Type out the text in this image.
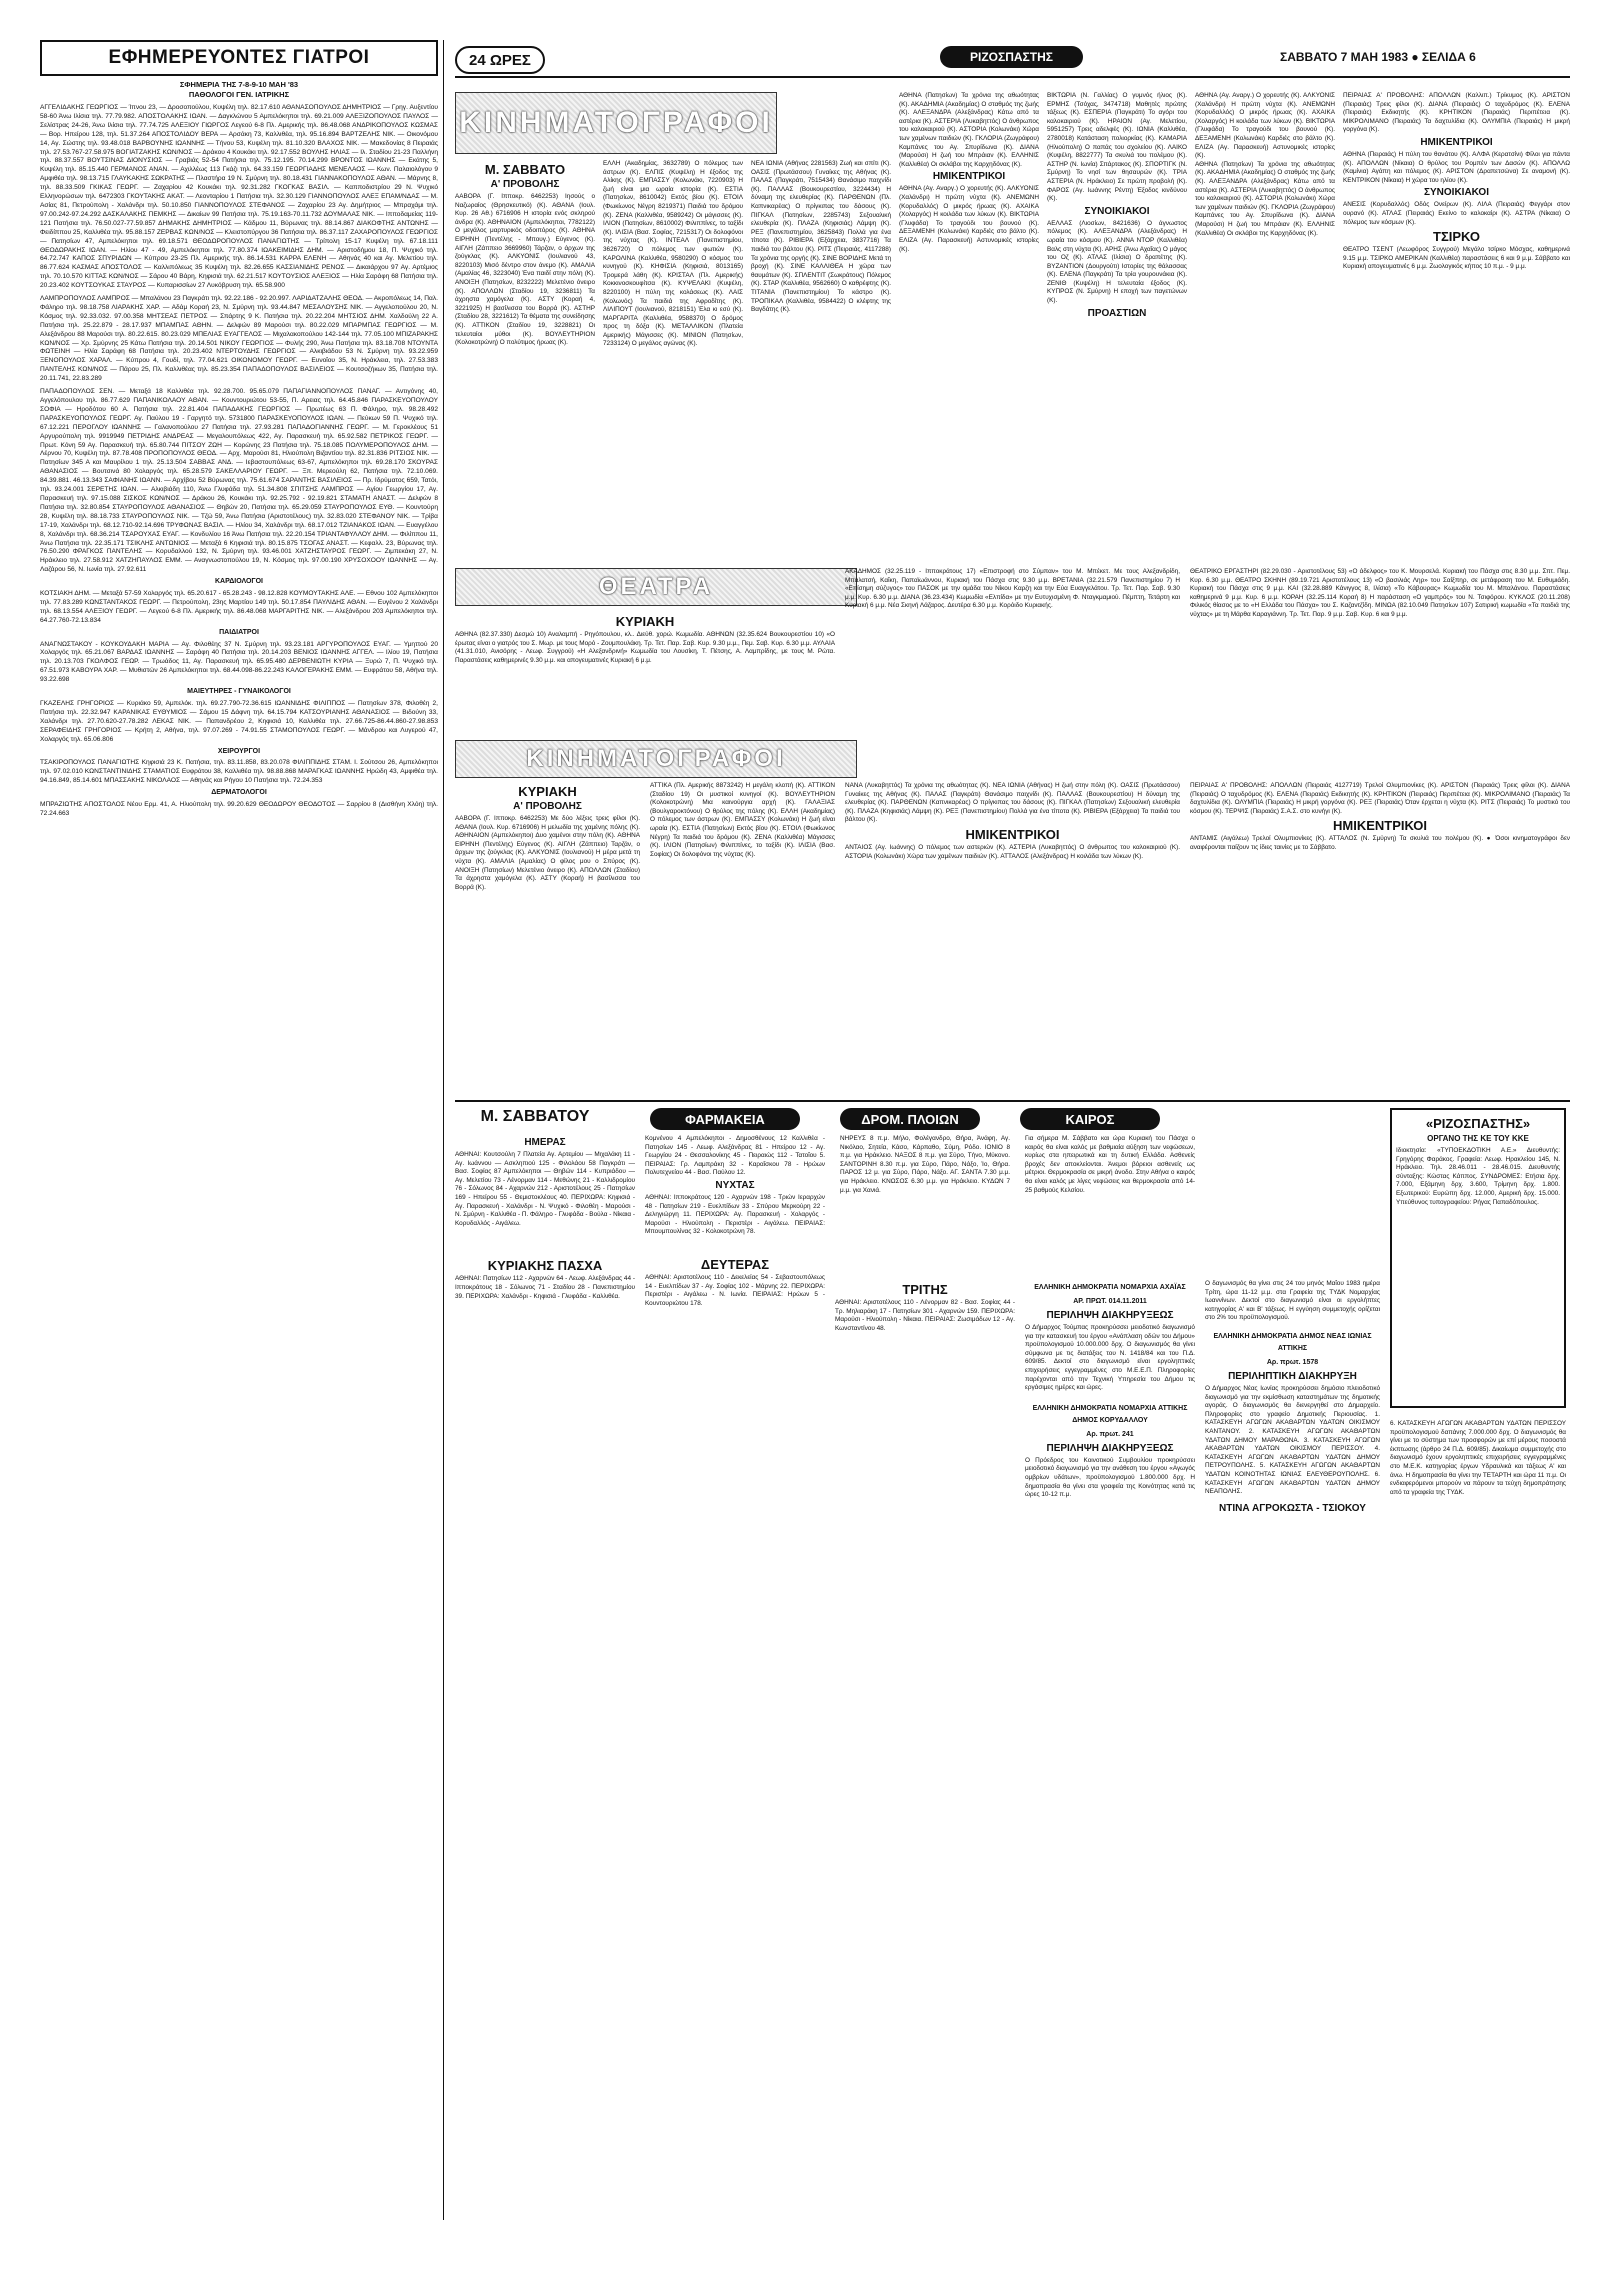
24 ΩΡΕΣ	ΡΙΖΟΣΠΑΣΤΗΣ	ΣΑΒΒΑΤΟ 7 ΜΑΗ 1983 ● ΣΕΛΙΔΑ 6
ΕΦΗΜΕΡΕΥΟΝΤΕΣ ΓΙΑΤΡΟΙ
ΣΦΗΜΕΡΙΑ ΤΗΣ 7-8-9-10 ΜΑΗ '83
ΠΑΘΟΛΟΓΟΙ ΓΕΝ. ΙΑΤΡΙΚΗΣ
ΑΓΓΕΛΙΔΑΚΗΣ ΓΕΩΡΓΙΟΣ — Ίπνου 23, — Δροσοπούλου, Κυψέλη τηλ. 82.17.610 ΑΘΑΝΑΣΟΠΟΥΛΟΣ ΔΗΜΗΤΡΙΟΣ — Γρηγ. Αυξεντίου 58-60 Άνω Ιλίσια τηλ. 77.79.982. ΑΠΟΣΤΟΛΑΚΗΣ ΙΩΑΝ. — Δαγκλώνου 5 Αμπελόκηποι τηλ. 69.21.009 ΑΛΕΞΙΖΟΠΟΥΛΟΣ ΠΑΥΛΟΣ — Σελίστρας 24-26, Άνω Ιλίσια τηλ. 77.74.725 ΑΛΕΞΙΟΥ ΓΙΩΡΓΟΣ Λεγεού 6-8 Πλ. Αμερικής τηλ. 86.48.068 ΑΝΔΡΙΚΟΠΟΥΛΟΣ ΚΩΣΜΑΣ — Βορ. Ηπείρου 128, τηλ. 51.37.264 ΑΠΟΣΤΟΛΙΔΟΥ ΒΕΡΑ — Αρσάκη 73, Καλλιθέα, τηλ. 95.16.894 ΒΑΡΤΖΕΛΗΣ ΝΙΚ. — Οικονόμου 14, Αγ. Σώστης τηλ. 93.48.018 ΒΑΡΒΟΥΝΗΣ ΙΩΑΝΝΗΣ — Τήνου 53, Κυψέλη τηλ. 81.10.320 ΒΛΑΧΟΣ ΝΙΚ. — Μακεδονίας 8 Πειραιάς τηλ. 27.53.767-27.58.975 ΒΟΓΙΑΤΖΑΚΗΣ ΚΩΝ/ΝΟΣ — Δράκου 4 Κουκάκι τηλ. 92.17.552 ΒΟΥΛΗΣ ΗΛΙΑΣ — Ιλ. Σταδίου 21-23 Παλλήνη τηλ. 88.37.557 ΒΟΥΤΣΙΝΑΣ ΔΙΟΝΥΣΙΟΣ — Γραβιάς 52-54 Πατήσια τηλ. 75.12.195. 70.14.299 ΒΡΟΝΤΟΣ ΙΩΑΝΝΗΣ — Εκάτης 5, Κυψέλη τηλ. 85.15.440 ΓΕΡΜΑΝΟΣ ΑΝΑΝ. — Αχιλλέως 113 Γκάζι τηλ. 64.33.159 ΓΕΩΡΓΙΑΔΗΣ ΜΕΝΕΛΑΟΣ — Κων. Παλαιολόγου 9 Αμφιθέα τηλ. 98.13.715 ΓΛΑΥΚΑΚΗΣ ΣΩΚΡΑΤΗΣ — Πλαστήρα 19 Ν. Σμύρνη τηλ. 80.18.431 ΓΙΑΝΝΑΚΟΠΟΥΛΟΣ ΑΘΑΝ. — Μάρνης 8, τηλ. 88.33.509 ΓΚΙΚΑΣ ΓΕΩΡΓ. — Ζαχαρίου 42 Κουκάκι τηλ. 92.31.282 ΓΚΟΓΚΑΣ ΒΑΣΙΛ. — Καπποδιστρίου 29 Ν. Ψυχικό Ελληνορώσων τηλ. 6472303 ΓΚΟΥΤΑΚΗΣ ΑΚΑΤ. — Λεονταρίου 1 Πατήσια τηλ. 32.30.129 ΓΙΑΝΝΟΠΟΥΛΟΣ ΑΛΕΞ ΕΠΑΜ/ΝΔΑΣ — Μ. Ασίας 81, Πετρούπολη - Χαλάνδρι τηλ. 50.10.850 ΓΙΑΝΝΟΠΟΥΛΟΣ ΣΤΕΦΑΝΟΣ — Ζαχαρίου 23 Αγ. Δημήτριος — Μπραχάμι τηλ. 97.00.242-97.24.292 ΔΑΣΚΑΛΑΚΗΣ ΠΕΜΚΗΣ — Δικαίων 99 Πατήσια τηλ. 75.19.163-70.11.732 ΔΟΥΜΑΛΑΣ ΝΙΚ. — Ιπποδαμείας 119-121 Πατήσια τηλ. 76.50.027-77.59.857 ΔΗΜΑΚΗΣ ΔΗΜΗΤΡΙΟΣ — Κάδμου 11, Βύρωνας τηλ. 88.14.867 ΔΙΑΚΟΦΤΗΣ ΑΝΤΩΝΗΣ — Φειδίππου 25, Καλλιθέα τηλ. 95.88.157 ΖΕΡΒΑΣ ΚΩΝ/ΝΟΣ — Κλειστοπύργου 36 Πατήσια τηλ. 86.37.117 ΖΑΧΑΡΟΠΟΥΛΟΣ ΓΕΩΡΓΙΟΣ — Πατησίων 47, Αμπελόκηποι τηλ. 69.18.571 ΘΕΟΔΩΡΟΠΟΥΛΟΣ ΠΑΝΑΓΙΩΤΗΣ — Τρίπολη 15-17 Κυψέλη τηλ. 67.18.111 ΘΕΟΔΩΡΑΚΗΣ ΙΩΑΝ. — Ηλίου 47 - 49, Αμπελόκηποι τηλ. 77.80.374 ΙΩΑΚΕΙΜΙΔΗΣ ΔΗΜ. — Αριστοδήμου 18, Π. Ψυχικό τηλ. 64.72.747 ΚΑΠΟΣ ΣΠΥΡΙΔΩΝ — Κύπρου 23-25 Πλ. Αμερικής τηλ. 86.14.531 ΚΑΡΡΑ ΕΛΕΝΗ — Αθηνάς 40 και Αγ. Μελετίου τηλ. 86.77.624 ΚΑΣΜΑΣ ΑΠΟΣΤΟΛΟΣ — Καλλιπόλεως 35 Κυψέλη τηλ. 82.26.655 ΚΑΣΣΙΑΝΙΔΗΣ ΡΕΝΟΣ — Δικαιάρχου 97 Αγ. Αρτέμιος τηλ. 70.10.570 ΚΙΤΤΑΣ ΚΩΝ/ΝΟΣ — Σάρου 40 Βάρη, Κηφισιά τηλ. 62.21.517 ΚΟΥΤΟΥΣΙΟΣ ΑΛΕΞΙΟΣ — Ηλία Σαράφη 68 Πατήσια τηλ. 20.23.402 ΚΟΥΤΣΟΥΚΑΣ ΣΤΑΥΡΟΣ — Κυπαρισσίων 27 Λυκόβρυση τηλ. 65.58.900
ΛΑΜΠΡΟΠΟΥΛΟΣ ΛΑΜΠΡΟΣ — Μπαλάνου 23 Παγκράτι τηλ. 92.22.186 - 92.20.997. ΛΑΡΙΔΑΤΖΑΛΗΣ ΘΕΟΔ. — Ακροπόλεως 14, Παλ. Φάληρο τηλ. 98.18.758 ΛΙΑΡΑΚΗΣ ΧΑΡ. — Αδάμ Κοραή 23, Ν. Σμύρνη τηλ. 93.44.847 ΜΕΣΑΛΟΥΣΗΣ ΝΙΚ. — Αγγελοπούλου 20, Ν. Κόσμος τηλ. 92.33.032. 97.00.358 ΜΗΤΣΕΑΣ ΠΕΤΡΟΣ — Σπάρτης 9 Κ. Πατήσια τηλ. 20.22.204 ΜΗΤΣΙΟΣ ΔΗΜ. Χαλδούλη 22 Α. Πατήσια τηλ. 25.22.879 - 28.17.937 ΜΠΑΜΠΑΣ ΑΘΗΝ. — Δελφών 89 Μαρούσι τηλ. 80.22.029 ΜΠΑΡΜΠΑΣ ΓΕΩΡΓΙΟΣ — Μ. Αλεξάνδρου 88 Μαρούσι τηλ. 80.22.615. 80.23.029 ΜΠΕΛΙΑΣ ΕΥΑΓΓΕΛΟΣ — Μιχαλακοπούλου 142-144 τηλ. 77.05.100 ΜΠΙΖΑΡΑΚΗΣ ΚΩΝ/ΝΟΣ — Χρ. Σμύρνης 25 Κάτω Πατήσια τηλ. 20.14.501 ΝΙΚΟΥ ΓΕΩΡΓΙΟΣ — Φυλής 290, Άνω Πατήσια τηλ. 83.18.708 ΝΤΟΥΝΤΑ ΦΩΤΕΙΝΗ — Ηλία Σαράφη 68 Πατήσια τηλ. 20.23.402 ΝΤΕΡΤΟΥΔΗΣ ΓΕΩΡΓΙΟΣ — Αλκιβιάδου 53 Ν. Σμύρνη τηλ. 93.22.959 ΞΕΝΟΠΟΥΛΟΣ ΧΑΡΑΛ. — Κύπρου 4, Γουδί, τηλ. 77.04.621 ΟΙΚΟΝΟΜΟΥ ΓΕΩΡΓ. — Ευνοΐου 35, Ν. Ηράκλεια, τηλ. 27.53.383 ΠΑΝΤΕΛΗΣ ΚΩΝ/ΝΟΣ — Πάρου 25, Πλ. Καλλιθέας τηλ. 85.23.354 ΠΑΠΑΔΟΠΟΥΛΟΣ ΒΑΣΙΛΕΙΟΣ — Κουτσοζήκων 35, Πατήσια τηλ. 20.11.741, 22.83.289
ΠΑΠΑΔΟΠΟΥΛΟΣ ΣΕΝ. — Μεταξά 18 Καλλιθέα τηλ. 92.28.700. 95.65.079 ΠΑΠΑΓΙΑΝΝΟΠΟΥΛΟΣ ΠΑΝΑΓ. — Αντιγόνης 40, Αγγελόπουλου τηλ. 86.77.629 ΠΑΠΑΝΙΚΟΛΑΟΥ ΑΘΑΝ. — Κουντουριώτου 53-55, Π. Αρειας τηλ. 64.45.846 ΠΑΡΑΣΚΕΥΟΠΟΥΛΟΥ ΣΟΦΙΑ — Ηροδότου 60 Α. Πατήσια τηλ. 22.81.404 ΠΑΠΑΔΑΚΗΣ ΓΕΩΡΓΙΟΣ — Πρωτέως 63 Π. Φάληρο, τηλ. 98.28.492 ΠΑΡΑΣΚΕΥΟΠΟΥΛΟΣ ΓΕΩΡΓ. Αγ. Παύλου 19 - Γαργητό τηλ. 5731800 ΠΑΡΑΣΚΕΥΟΠΟΥΛΟΣ ΙΩΑΝ. — Πεύκων 59 Π. Ψυχικό τηλ. 67.12.221 ΠΕΡΟΓΛΟΥ ΙΩΑΝΝΗΣ — Γαλανοπούλου 27 Πατήσια τηλ. 27.93.281 ΠΑΠΑΔΟΓΙΑΝΝΗΣ ΓΕΩΡΓ. — Μ. Γεροκλέους 51 Αργυρούπολη τηλ. 9919949 ΠΕΤΡΙΔΗΣ ΑΝΔΡΕΑΣ — Μεγαλουπόλεως 422, Αγ. Παρασκευή τηλ. 65.92.582 ΠΕΤΡΙΚΟΣ ΓΕΩΡΓ. — Πρωτ. Κόνη 59 Αγ. Παρασκευή τηλ. 65.80.744 ΠΙΤΣΟΥ ΖΩΗ — Κορώνης 23 Πατήσια τηλ. 75.18.085 ΠΟΛΥΜΕΡΟΠΟΥΛΟΣ ΔΗΜ. — Λέρνου 70, Κυψέλη τηλ. 87.78.408 ΠΡΟΠΟΠΟΥΛΟΣ ΘΕΟΔ. — Αρχ. Μαρούσι 81, Ηλιούπολη Βιζαντίου τηλ. 82.31.836 ΡΙΤΣΙΟΣ ΝΙΚ. — Πατησίων 345 Α και Μαυρίλου 1 τηλ. 25.13.504 ΣΑΒΒΑΣ ΑΝΔ. — Ιεβαστουπόλεως 63-67, Αμπελόκηποι τηλ. 69.28.170 ΣΚΟΥΡΑΣ ΑΘΑΝΑΣΙΟΣ — Βουτσινά 80 Χολαργός τηλ. 65.28.579 ΣΑΚΕΛΛΑΡΙΟΥ ΓΕΩΡΓ. — Ξπ. Μερεούλη 62, Πατήσια τηλ. 72.10.069. 84.39.881. 46.13.343 ΣΑΦΙΑΝΗΣ ΙΩΑΝΝ. — Αρχίβου 52 Βύρωνας τηλ. 75.61.674 ΣΑΡΑΝΤΗΣ ΒΑΣΙΛΕΙΟΣ — Πρ. Ιδρύματος 659, Τατόι, τηλ. 93.24.001 ΣΕΡΕΤΗΣ ΙΩΑΝ. — Αλκιβιάδη 110, Άνω Γλυφάδα τηλ. 51.34.808 ΣΠΙΤΣΗΣ ΛΑΜΠΡΟΣ — Αγίου Γεωργίου 17, Αγ. Παρασκευή τηλ. 97.15.088 ΣΙΣΚΟΣ ΚΩΝ/ΝΟΣ — Δράκου 26, Κουκάκι τηλ. 92.25.792 - 92.19.821 ΣΤΑΜΑΤΗ ΑΝΑΣΤ. — Δελφών 8 Πατήσια τηλ. 32.80.854 ΣΤΑΥΡΟΠΟΥΛΟΣ ΑΘΑΝΑΣΙΟΣ — Θηβών 20, Πατήσια τηλ. 65.29.059 ΣΤΑΥΡΟΠΟΥΛΟΣ ΕΥΘ. — Κουντούρη 28, Κυψέλη τηλ. 88.18.733 ΣΤΑΥΡΟΠΟΥΛΟΣ ΝΙΚ. — Τζώ 59, Άνω Πατήσια (Αριστοτέλους) τηλ. 32.83.020 ΣΤΕΦΑΝΟΥ ΝΙΚ. — Τρίβα 17-19, Χαλάνδρι τηλ. 68.12.710-92.14.696 ΤΡΥΦΩΝΑΣ ΒΑΣΙΛ. — Ηλίου 34, Χαλάνδρι τηλ. 68.17.012 ΤΖΙΑΝΑΚΟΣ ΙΩΑΝ. — Ευαγγέλου 8, Χαλάνδρι τηλ. 68.36.214 ΤΣΑΡΟΥΧΑΣ ΕΥΑΓ. — Κονδυλίου 16 Άνω Πατήσια τηλ. 22.20.154 ΤΡΙΑΝΤΑΦΥΛΛΟΥ ΔΗΜ. — Φιλίππου 11, Άνω Πατήσια τηλ. 22.35.171 ΤΣΙΚΛΗΣ ΑΝΤΩΝΙΟΣ — Μεταξά 6 Κηφισιά τηλ. 80.15.875 ΤΣΟΓΑΣ ΑΝΑΣΤ. — Κεφαλλ. 23, Βύρωνας τηλ. 76.50.290 ΦΡΑΓΚΟΣ ΠΑΝΤΕΛΗΣ — Κορυδαλλού 132, Ν. Σμύρνη τηλ. 93.46.001 ΧΑΤΖΗΣΤΑΥΡΟΣ ΓΕΩΡΓ. — Ζιμπεκάκη 27, Ν. Ηράκλειο τηλ. 27.58.912 ΧΑΤΖΗΠΑΥΛΟΣ ΕΜΜ. — Αναγνωστοπούλου 19, Ν. Κόσμος τηλ. 97.00.190 ΧΡΥΣΟΧΟΟΥ ΙΩΑΝΝΗΣ — Αγ. Λαζάρου 56, Ν. Ιωνία τηλ. 27.92.611
ΚΑΡΔΙΟΛΟΓΟΙ
ΚΟΤΣΙΑΚΗ ΔΗΜ. — Μεταξά 57-59 Χολαργός τηλ. 65.20.617 - 65.28.243 - 98.12.828 ΚΟΥΜΟΥΤΑΚΗΣ ΑΛΕ. — Εθνου 102 Αμπελόκηποι τηλ. 77.83.289 ΚΩΝΣΤΑΝΤΑΚΟΣ ΓΕΩΡΓ. — Πετρούπολη, 23ης Μαρτίου 149 τηλ. 50.17.854 ΠΑΥΛΙΔΗΣ ΑΘΑΝ. — Ευγένου 2 Χαλάνδρι τηλ. 68.13.554 ΑΛΕΞΙΟΥ ΓΕΩΡΓ. — Λεγεού 6-8 Πλ. Αμερικής τηλ. 86.48.068 ΜΑΡΓΑΡΙΤΗΣ ΝΙΚ. — Αλεξάνδρου 203 Αμπελόκηποι τηλ. 64.27.760-72.13.834
ΠΑΙΔΙΑΤΡΟΙ
ΑΝΑΓΝΩΣΤΑΚΟΥ - ΚΟΥΚΟΥΔΑΚΗ ΜΑΡΙΑ — Αγ. Φιλοθέης 37 Ν. Σμύρνη τηλ. 93.23.181 ΑΡΓΥΡΟΠΟΥΛΟΣ ΕΥΑΓ. — Υμηττού 20 Χολαργός τηλ. 65.21.067 ΒΑΡΔΑΣ ΙΩΑΝΝΗΣ — Σαράφη 40 Πατήσια τηλ. 20.14.203 ΒΕΝΙΟΣ ΙΩΑΝΝΗΣ ΑΓΓΕΛ. — Ιλίου 19, Πατήσια τηλ. 20.13.703 ΓΚΟΛΦΟΣ ΓΕΩΡ. — Τρωάδος 11, Αγ. Παρασκευή τηλ. 65.95.480 ΔΕΡΒΕΝΙΩΤΗ ΚΥΡΙΑ — Ξυρώ 7, Π. Ψυχικό τηλ. 67.51.973 ΚΑΒΟΥΡΑ ΧΑΡ. — Μυθιστών 26 Αμπελόκηποι τηλ. 68.44.098-86.22.243 ΚΑΛΟΓΕΡΑΚΗΣ ΕΜΜ. — Ευφράτου 58, Αθήνα τηλ. 93.22.698
ΜΑΙΕΥΤΗΡΕΣ - ΓΥΝΑΙΚΟΛΟΓΟΙ
ΓΚΑΖΕΛΗΣ ΓΡΗΓΟΡΙΟΣ — Κυριάκο 59, Αμπελόκ. τηλ. 69.27.790-72.36.615 ΙΩΑΝΝΙΔΗΣ ΦΙΛΙΠΠΟΣ — Πατησίων 378, Φιλοθέη 2, Πατήσια τηλ. 22.32.947 ΚΑΡΑΝΙΚΑΣ ΕΥΘΥΜΙΟΣ — Σάμου 15 Δάφνη τηλ. 64.15.794 ΚΑΤΣΟΥΡΙΑΝΗΣ ΑΘΑΝΑΣΙΟΣ — Βιδούνη 33, Χαλάνδρι τηλ. 27.70.620-27.78.282 ΛΕΚΑΣ ΝΙΚ. — Παπανδρέου 2, Κηφισιά 10, Καλλιθέα τηλ. 27.66.725-86.44.860-27.98.853 ΣΕΡΑΦΕΙΔΗΣ ΓΡΗΓΟΡΙΟΣ — Κρήτη 2, Αθήνα, τηλ. 97.07.269 - 74.91.55 ΣΤΑΜΟΠΟΥΛΟΣ ΓΕΩΡΓ. — Μάνδρου και Λυγερού 47, Χολαργός τηλ. 65.06.806
ΧΕΙΡΟΥΡΓΟΙ
ΤΣΑΚΙΡΟΠΟΥΛΟΣ ΠΑΝΑΓΙΩΤΗΣ Κηφισιά 23 Κ. Πατήσια, τηλ. 83.11.858, 83.20.078 ΦΙΛΙΠΠΙΔΗΣ ΣΤΑΜ. Ι. Σούτσου 26, Αμπελόκηποι τηλ. 97.02.010 ΚΩΝΣΤΑΝΤΙΝΙΔΗΣ ΣΤΑΜΑΤΙΟΣ Ευφράτου 38, Καλλιθέα τηλ. 98.88.868 ΜΑΡΑΓΚΑΣ ΙΩΑΝΝΗΣ Ηρώδη 43, Αμφιθέα τηλ. 94.16.849, 85.14.601 ΜΠΑΣΣΑΚΗΣ ΝΙΚΟΛΑΟΣ — Αθηνάς και Ρήγου 10 Πατήσια τηλ. 72.24.353
ΔΕΡΜΑΤΟΛΟΓΟΙ
ΜΠΡΑΖΙΩΤΗΣ ΑΠΟΣΤΟΛΟΣ Νέου Ερμ. 41, Α. Ηλιούπολη τηλ. 99.20.629 ΘΕΟΔΩΡΟΥ ΘΕΟΔΟΤΟΣ — Σαρρίου 8 (Δισθήνη Χλόη) τηλ. 72.24.663
ΚΙΝΗΜΑΤΟΓΡΑΦΟΙ
Μ. ΣΑΒΒΑΤΟ
Α' ΠΡΟΒΟΛΗΣ
ΑΑΒΟΡΑ (Γ. Ιπποκρ. 6462253) Ιησούς ο Ναζωραίος (Θρησκευτικό) (Κ). ΑΘΑΝΑ (Ιουλ. Κυρ. 26 Αθ.) 6716906 Η ιστορία ενός σκληρού άνδρα (Κ). ΑΘΗΝΑΙΟΝ (Αμπελόκηποι, 7782122) Ο μεγάλος μαρτυρικός οδοιπόρος (Κ). ΑΘΗΝΑ ΕΙΡΗΝΗ (Πεντέλης - Μπουγ.) Εύγενος (Κ). ΑΙΓΛΗ (Ζάππειο 3669960) Τάρζαν, ο άρχων της ζούγκλας (Κ). ΑΛΚΥΟΝΙΣ (Ιουλιανού 43, 8220103) Μισό δέντρο στον άνεμο (Κ). ΑΜΑΛΙΑ (Αμαλίας 46, 3223040) Ένα παιδί στην πόλη (Κ). ΑΝΟΙΞΗ (Πατησίων, 8232222) Μελετένιο όνειρο (Κ). ΑΠΟΛΛΩΝ (Σταδίου 19, 3236811) Τα άχρηστα χαμόγελα (Κ). ΑΣΤΥ (Κοραή 4, 3221925) Η βασίλισσα του Βορρά (Κ). ΑΣΤΗΡ (Σταδίου 28, 3221612) Τα θέματα της συνείδησης (Κ). ΑΤΤΙΚΟΝ (Σταδίου 19, 3228821) Οι τελευταίοι μύθοι (Κ). ΒΟΥΛΕΥΤΗΡΙΟΝ (Κολοκοτρώνη) Ο πολύτιμος ήρωας (Κ).
ΕΛΛΗ (Ακαδημίας, 3632789) Ο πόλεμος των άστρων (Κ). ΕΛΠΙΣ (Κυψέλη) Η έξοδος της Αλίκης (Κ). ΕΜΠΑΣΣΥ (Κολωνάκι, 7220903) Η ζωή είναι μια ωραία ιστορία (Κ). ΕΣΤΙΑ (Πατησίων, 8610042) Εκτός βίου (Κ). ΕΤΟΙΛ (Φωκίωνος Νέγρη 8219371) Παιδιά του δρόμου (Κ). ΖΕΝΑ (Καλλιθέα, 9589242) Οι μάγισσες (Κ). ΙΛΙΟΝ (Πατησίων, 8610002) Φιλιππίνες, το ταξίδι (Κ). ΙΛΙΣΙΑ (Βασ. Σοφίας, 7215317) Οι δολοφόνοι της νύχτας (Κ). ΙΝΤΕΑΛ (Πανεπιστημίου, 3626720) Ο πόλεμος των φωτιών (Κ). ΚΑΡΟΛΙΝΑ (Καλλιθέα, 9580290) Ο κόσμος του κυνηγού (Κ). ΚΗΦΙΣΙΑ (Κηφισιά, 8013165) Τρομερά λάθη (Κ). ΚΡΙΣΤΑΛ (Πλ. Αμερικής) Κοκκινοσκουφίτσα (Κ). ΚΥΨΕΛΑΚΙ (Κυψέλη, 8220100) Η πύλη της κολάσεως (Κ). ΛΑΙΣ (Κολωνός) Τα παιδιά της Αφροδίτης (Κ). ΛΙΛΙΠΟΥΤ (Ιουλιανού, 8218151) Έλα κι εσύ (Κ). ΜΑΡΓΑΡΙΤΑ (Καλλιθέα, 9588370) Ο δρόμος προς τη δόξα (Κ). ΜΕΤΑΛΛΙΚΟΝ (Πλατεία Αμερικής) Μάγισσες (Κ). ΜΙΝΙΟΝ (Πατησίων, 7233124) Ο μεγάλος αγώνας (Κ).
ΝΕΑ ΙΩΝΙΑ (Αθήνας 2281563) Ζωή και σπίτι (Κ). ΟΑΣΙΣ (Πρωτάσσου) Γυναίκες της Αθήνας (Κ). ΠΑΛΑΣ (Παγκράτι, 7515434) Θανάσιμο παιχνίδι (Κ). ΠΑΛΛΑΣ (Βουκουρεστίου, 3224434) Η δύναμη της ελευθερίας (Κ). ΠΑΡΘΕΝΩΝ (Πλ. Καπνικαρέας) Ο πρίγκιπας του δάσους (Κ). ΠΙΓΚΑΛ (Πατησίων, 2285743) Σεξουαλική ελευθερία (Κ). ΠΛΑΖΑ (Κηφισιάς) Λάμψη (Κ). ΡΕΞ (Πανεπιστημίου, 3625843) Πολλά για ένα τίποτα (Κ). ΡΙΒΙΕΡΑ (Εξάρχεια, 3837716) Τα παιδιά του βάλτου (Κ). ΡΙΤΣ (Πειραιάς, 4117288) Τα χρόνια της οργής (Κ). ΣΙΝΕ ΒΟΡΙΔΗΣ Μετά τη βροχή (Κ). ΣΙΝΕ ΚΑΛΛΙΘΕΑ Η χώρα των θαυμάτων (Κ). ΣΠΛΕΝΤΙΤ (Σωκράτους) Πόλεμος (Κ). ΣΤΑΡ (Καλλιθέα, 9562660) Ο καθρέφτης (Κ). ΤΙΤΑΝΙΑ (Πανεπιστημίου) Το κάστρο (Κ). ΤΡΟΠΙΚΑΛ (Καλλιθέα, 9584422) Ο κλέφτης της Βαγδάτης (Κ).
ΑΘΗΝΑ (Πατησίων) Τα χρόνια της αθωότητας (Κ). ΑΚΑΔΗΜΙΑ (Ακαδημίας) Ο σταθμός της ζωής (Κ). ΑΛΕΞΑΝΔΡΑ (Αλεξάνδρας) Κάτω από τα αστέρια (Κ). ΑΣΤΕΡΙΑ (Λυκαβηττός) Ο άνθρωπος του καλοκαιριού (Κ). ΑΣΤΟΡΙΑ (Κολωνάκι) Χώρα των χαμένων παιδιών (Κ). ΓΚΛΟΡΙΑ (Ζωγράφου) Καμπάνες του Αγ. Σπυρίδωνα (Κ). ΔΙΑΝΑ (Μαρούσι) Η ζωή του Μπράιαν (Κ). ΕΛΛΗΝΙΣ (Καλλιθέα) Οι σκλάβοι της Καρχηδόνας (Κ).
ΗΜΙΚΕΝΤΡΙΚΟΙ
ΑΘΗΝΑ (Αγ. Αναργ.) Ο χορευτής (Κ). ΑΛΚΥΟΝΙΣ (Χαλάνδρι) Η πρώτη νύχτα (Κ). ΑΝΕΜΩΝΗ (Κορυδαλλός) Ο μικρός ήρωας (Κ). ΑΧΑΙΚΑ (Χολαργός) Η κοιλάδα των λύκων (Κ). ΒΙΚΤΩΡΙΑ (Γλυφάδα) Το τραγούδι του βουνού (Κ). ΔΕΞΑΜΕΝΗ (Κολωνάκι) Καρδιές στο βάλτο (Κ). ΕΛΙΖΑ (Αγ. Παρασκευή) Αστυνομικές ιστορίες (Κ).
ΒΙΚΤΩΡΙΑ (Ν. Γαλλίας) Ο γυμνός ήλιος (Κ). ΕΡΜΗΣ (Τσόχας, 3474718) Μαθητές πρώτης τάξεως (Κ). ΕΣΠΕΡΙΑ (Παγκράτι) Το αγόρι του καλοκαιριού (Κ). ΗΡΑΙΟΝ (Αγ. Μελετίου, 5951257) Τρεις αδελφές (Κ). ΙΩΝΙΑ (Καλλιθέα, 2780018) Κατάσταση πολιορκίας (Κ). ΚΑΜΑΡΙΑ (Ηλιούπολη) Ο παπάς του σχολείου (Κ). ΛΑΙΚΟ (Κυψέλη, 8822777) Τα σκυλιά του πολέμου (Κ). ΑΣΤΗΡ (Ν. Ιωνία) Σπάρτακος (Κ). ΣΠΟΡΤΙΓΚ (Ν. Σμύρνη) Το νησί των θησαυρών (Κ). ΤΡΙΑ ΑΣΤΕΡΙΑ (Ν. Ηράκλειο) Σε πρώτη προβολή (Κ). ΦΑΡΟΣ (Αγ. Ιωάννης Ρέντη) Έξοδος κινδύνου (Κ).
ΣΥΝΟΙΚΙΑΚΟΙ
ΑΕΛΛΑΣ (Λιοσίων, 8421636) Ο άγνωστος πόλεμος (Κ). ΑΛΕΞΑΝΔΡΑ (Αλεξάνδρας) Η ωραία του κόσμου (Κ). ΑΝΝΑ ΝΤΟΡ (Καλλιθέα) Βαλς στη νύχτα (Κ). ΑΡΗΣ (Άνω Αχαΐας) Ο μάγος του Οζ (Κ). ΑΤΛΑΣ (Ιλίσια) Ο δραπέτης (Κ). ΒΥΖΑΝΤΙΟΝ (Δουργούτι) Ιστορίες της θάλασσας (Κ). ΕΛΕΝΑ (Παγκράτι) Τα τρία γουρουνάκια (Κ). ΖΕΝΙΘ (Κυψέλη) Η τελευταία έξοδος (Κ). ΚΥΠΡΟΣ (Ν. Σμύρνη) Η εποχή των παγετώνων (Κ).
ΠΡΟΑΣΤΙΩΝ
ΑΘΗΝΑ (Αγ. Αναργ.) Ο χορευτής (Κ). ΑΛΚΥΟΝΙΣ (Χαλάνδρι) Η πρώτη νύχτα (Κ). ΑΝΕΜΩΝΗ (Κορυδαλλός) Ο μικρός ήρωας (Κ). ΑΧΑΙΚΑ (Χολαργός) Η κοιλάδα των λύκων (Κ). ΒΙΚΤΩΡΙΑ (Γλυφάδα) Το τραγούδι του βουνού (Κ). ΔΕΞΑΜΕΝΗ (Κολωνάκι) Καρδιές στο βάλτο (Κ). ΕΛΙΖΑ (Αγ. Παρασκευή) Αστυνομικές ιστορίες (Κ).
ΑΘΗΝΑ (Πατησίων) Τα χρόνια της αθωότητας (Κ). ΑΚΑΔΗΜΙΑ (Ακαδημίας) Ο σταθμός της ζωής (Κ). ΑΛΕΞΑΝΔΡΑ (Αλεξάνδρας) Κάτω από τα αστέρια (Κ). ΑΣΤΕΡΙΑ (Λυκαβηττός) Ο άνθρωπος του καλοκαιριού (Κ). ΑΣΤΟΡΙΑ (Κολωνάκι) Χώρα των χαμένων παιδιών (Κ). ΓΚΛΟΡΙΑ (Ζωγράφου) Καμπάνες του Αγ. Σπυρίδωνα (Κ). ΔΙΑΝΑ (Μαρούσι) Η ζωή του Μπράιαν (Κ). ΕΛΛΗΝΙΣ (Καλλιθέα) Οι σκλάβοι της Καρχηδόνας (Κ).
ΠΕΙΡΑΙΑΣ Α' ΠΡΟΒΟΛΗΣ: ΑΠΟΛΛΩΝ (Καλλιπ.) Τρίκυμος (Κ). ΑΡΙΣΤΟΝ (Πειραιάς) Τρεις φίλοι (Κ). ΔΙΑΝΑ (Πειραιάς) Ο ταχυδρόμος (Κ). ΕΛΕΝΑ (Πειραιάς) Εκδικητής (Κ). ΚΡΗΤΙΚΟΝ (Πειραιάς) Περιπέτεια (Κ). ΜΙΚΡΟΛΙΜΑΝΟ (Πειραιάς) Τα δαχτυλίδια (Κ). ΟΛΥΜΠΙΑ (Πειραιάς) Η μικρή γοργόνα (Κ).
ΗΜΙΚΕΝΤΡΙΚΟΙ
ΑΘΗΝΑ (Πειραιάς) Η πύλη του θανάτου (Κ). ΑΛΦΑ (Κερατσίνι) Φίλοι για πάντα (Κ). ΑΠΟΛΛΩΝ (Νίκαια) Ο θρύλος του Ρομπέν των Δασών (Κ). ΑΠΟΛΛΩ (Καμίνια) Αγάπη και πόλεμος (Κ). ΑΡΙΣΤΟΝ (Δραπετσώνα) Σε αναμονή (Κ). ΚΕΝΤΡΙΚΟΝ (Νίκαια) Η χώρα του ηλίου (Κ).
ΣΥΝΟΙΚΙΑΚΟΙ
ΑΝΕΣΙΣ (Κορυδαλλός) Οδός Ονείρων (Κ). ΛΙΛΑ (Πειραιάς) Φεγγάρι στον ουρανό (Κ). ΑΤΛΑΣ (Πειραιάς) Εκείνο το καλοκαίρι (Κ). ΑΣΤΡΑ (Νίκαια) Ο πόλεμος των κόσμων (Κ).
ΤΣΙΡΚΟ
ΘΕΑΤΡΟ ΤΣΕΝΤ (Λεωφόρος Συγγρού) Μεγάλο τσίρκο Μόσχας, καθημερινά 9.15 μ.μ. ΤΣΙΡΚΟ ΑΜΕΡΙΚΑΝ (Καλλιθέα) παραστάσεις 6 και 9 μ.μ. Σάββατο και Κυριακή απογευματινές 6 μ.μ. Ζωολογικός κήπος 10 π.μ. - 9 μ.μ.
ΘΕΑΤΡΑ
ΚΥΡΙΑΚΗ
ΑΘΗΝΑ (82.37.330) Δεσμώ 10) Αναλαμπή - Ρηγόπουλου, κλ.. Διεύθ. χορώ. Κωμωδία. ΑΘΗΝΩΝ (32.35.624 Βουκουρεστίου 10) «Ο έρωτας είναι ο γιατρός του Σ. Μωρ. με τους Μορό - Ζουμπουλάκη. Τρ. Τετ. Παρ. Σαβ. Κυρ. 9.30 μ.μ., Πεμ. Σαβ. Κυρ. 6.30 μ.μ. ΑΥΛΑΙΑ (41.31.010, Ανισόρης - Λεωφ. Συγγρού) «Η Αλεξανδρινή» Κωμωδία του Λουσίκη, Τ. Πέτσης, Α. Λαμπρίδης, με τους Μ. Ρώτα. Παραστάσεις καθημερινές 9.30 μ.μ. και απογευματινές Κυριακή 6 μ.μ.
ΑΚΑΔΗΜΟΣ (32.25.119 - Ιπποκράτους 17) «Επιστροφή στο Σύμπαν» του Μ. Μπέκετ. Με τους Αλεξανδρίδη, Μπαλατσή, Καΐκη, Παπαϊωάννου, Κυριακή του Πάσχα στις 9.30 μ.μ. ΒΡΕΤΑΝΙΑ (32.21.579 Πανεπιστημίου 7) Η «Επίσημη σύζυγος» του ΠΑΣΟΚ με την ομάδα του Νίκου Καρζη και την Εύα Ευαγγελάτου. Τρ. Τετ. Παρ. Σαβ. 9.30 μ.μ. Κυρ. 6.30 μ.μ. ΔΙΑΝΑ (36.23.434) Κωμωδία «Ελπίδα» με την Ευτυχισμένη Φ. Νταγκμαμιού. Πέμπτη, Τετάρτη και Κυριακή 6 μ.μ. Νέα Σκηνή Λάζαρος. Δευτέρα 6.30 μ.μ. Κορόιδο Κυριακής.
ΘΕΑΤΡΙΚΟ ΕΡΓΑΣΤΗΡΙ (82.29.030 - Αριστοτέλους 53) «Ο άδελφος» του Κ. Μουρσελά. Κυριακή του Πάσχα στις 8.30 μ.μ. Σπτ. Πεμ. Κυρ. 6.30 μ.μ. ΘΕΑΤΡΟ ΣΚΗΝΗ (89.19.721 Αριστοτέλους 13) «Ο βασιλιάς Ληρ» του Σαίξπηρ, σε μετάφραση του Μ. Ευθυμιάδη. Κυριακή του Πάσχα στις 9 μ.μ. ΚΑΙ (32.28.889 Κάνιγγος 8, Ιλίσια) «Το Κάβουρας» Κωμωδία του Μ. Μπαλάνου. Παραστάσεις καθημερινά 9 μ.μ. Κυρ. 6 μ.μ. ΚΟΡΑΗ (32.25.114 Κοραή 8) Η παράσταση «Ο γαμπρός» του Ν. Τσιφόρου. ΚΥΚΛΟΣ (20.11.208) Φιλικός θίασος με το «Η Ελλάδα του Πάσχα» του Σ. Καζαντζίδη. ΜΙΝΩΑ (82.10.049 Πατησίων 107) Σατιρική κωμωδία «Τα παιδιά της νύχτας» με τη Μάρθα Καραγιάννη. Τρ. Τετ. Παρ. 9 μ.μ. Σαβ. Κυρ. 6 και 9 μ.μ.
ΚΙΝΗΜΑΤΟΓΡΑΦΟΙ
ΚΥΡΙΑΚΗ
Α' ΠΡΟΒΟΛΗΣ
ΑΑΒΟΡΑ (Γ. Ιπποκρ. 6462253) Με δύο λέξεις τρεις φίλοι (Κ). ΑΘΑΝΑ (Ιουλ. Κυρ. 6716906) Η μελωδία της χαμένης πόλης (Κ). ΑΘΗΝΑΙΟΝ (Αμπελόκηποι) Δυο χαμένοι στην πόλη (Κ). ΑΘΗΝΑ ΕΙΡΗΝΗ (Πεντέλης) Εύγενος (Κ). ΑΙΓΛΗ (Ζάππειο) Ταρζάν, ο άρχων της ζούγκλας (Κ). ΑΛΚΥΟΝΙΣ (Ιουλιανού) Η μέρα μετά τη νύχτα (Κ). ΑΜΑΛΙΑ (Αμαλίας) Ο φίλος μου ο Σπύρος (Κ). ΑΝΟΙΞΗ (Πατησίων) Μελετένιο όνειρο (Κ). ΑΠΟΛΛΩΝ (Σταδίου) Τα άχρηστα χαμόγελα (Κ). ΑΣΤΥ (Κοραή) Η βασίλισσα του Βορρά (Κ).
ΑΤΤΙΚΑ (Πλ. Αμερικής 8873242) Η μεγάλη κλοπή (Κ). ΑΤΤΙΚΟΝ (Σταδίου 19) Οι μυστικοί κυνηγοί (Κ). ΒΟΥΛΕΥΤΗΡΙΟΝ (Κολοκοτρώνη) Μια καινούργια αρχή (Κ). ΓΑΛΑΞΙΑΣ (Βουλγαροκτόνου) Ο θρύλος της πόλης (Κ). ΕΛΛΗ (Ακαδημίας) Ο πόλεμος των άστρων (Κ). ΕΜΠΑΣΣΥ (Κολωνάκι) Η ζωή είναι ωραία (Κ). ΕΣΤΙΑ (Πατησίων) Εκτός βίου (Κ). ΕΤΟΙΛ (Φωκίωνος Νέγρη) Τα παιδιά του δρόμου (Κ). ΖΕΝΑ (Καλλιθέα) Μάγισσες (Κ). ΙΛΙΟΝ (Πατησίων) Φιλιππίνες, το ταξίδι (Κ). ΙΛΙΣΙΑ (Βασ. Σοφίας) Οι δολοφόνοι της νύχτας (Κ).
ΝΑΝΑ (Λυκαβηττός) Τα χρόνια της αθωότητας (Κ). ΝΕΑ ΙΩΝΙΑ (Αθήνας) Η ζωή στην πόλη (Κ). ΟΑΣΙΣ (Πρωτάσσου) Γυναίκες της Αθήνας (Κ). ΠΑΛΑΣ (Παγκράτι) Θανάσιμο παιχνίδι (Κ). ΠΑΛΛΑΣ (Βουκουρεστίου) Η δύναμη της ελευθερίας (Κ). ΠΑΡΘΕΝΩΝ (Καπνικαρέας) Ο πρίγκιπας του δάσους (Κ). ΠΙΓΚΑΛ (Πατησίων) Σεξουαλική ελευθερία (Κ). ΠΛΑΖΑ (Κηφισιάς) Λάμψη (Κ). ΡΕΞ (Πανεπιστημίου) Πολλά για ένα τίποτα (Κ). ΡΙΒΙΕΡΑ (Εξάρχεια) Τα παιδιά του βάλτου (Κ).
ΗΜΙΚΕΝΤΡΙΚΟΙ
ΑΝΤΑΙΟΣ (Αγ. Ιωάννης) Ο πόλεμος των αστεριών (Κ). ΑΣΤΕΡΙΑ (Λυκαβηττός) Ο άνθρωπος του καλοκαιριού (Κ). ΑΣΤΟΡΙΑ (Κολωνάκι) Χώρα των χαμένων παιδιών (Κ). ΑΤΤΑΛΟΣ (Αλεξάνδρας) Η κοιλάδα των λύκων (Κ).
ΠΕΙΡΑΙΑΣ Α' ΠΡΟΒΟΛΗΣ: ΑΠΟΛΛΩΝ (Πειραιάς 4127719) Τρελοί Ολυμπιονίκες (Κ). ΑΡΙΣΤΟΝ (Πειραιάς) Τρεις φίλοι (Κ). ΔΙΑΝΑ (Πειραιάς) Ο ταχυδρόμος (Κ). ΕΛΕΝΑ (Πειραιάς) Εκδικητής (Κ). ΚΡΗΤΙΚΟΝ (Πειραιάς) Περιπέτεια (Κ). ΜΙΚΡΟΛΙΜΑΝΟ (Πειραιάς) Τα δαχτυλίδια (Κ). ΟΛΥΜΠΙΑ (Πειραιάς) Η μικρή γοργόνα (Κ). ΡΕΞ (Πειραιάς) Όταν έρχεται η νύχτα (Κ). ΡΙΤΣ (Πειραιάς) Το μυστικό του κόσμου (Κ). ΤΕΡΨΙΣ (Πειραιάς) Σ.Α.Σ. στο κυνήγι (Κ).
ΗΜΙΚΕΝΤΡΙΚΟΙ
ΑΝΤΑΜΙΣ (Αιγάλεω) Τρελοί Ολυμπιονίκες (Κ). ΑΤΤΑΛΟΣ (Ν. Σμύρνη) Τα σκυλιά του πολέμου (Κ). ● Όσοι κινηματογράφοι δεν αναφέρονται παίζουν τις ίδιες ταινίες με το Σάββατο.
Μ. ΣΑΒΒΑΤΟΥ	ΦΑΡΜΑΚΕΙΑ
ΗΜΕΡΑΣ
ΑΘΗΝΑΙ: Κουτσούλη 7 Πλατεία Αγ. Αρτεμίου — Μιχαλάκη 11 - Αγ. Ιωάννου — Ασκληπιού 125 - Φιλολάου 58 Παγκράτι — Βασ. Σοφίας 87 Αμπελόκηποι — Θηβών 114 - Κυπριάδου — Αγ. Μελετίου 73 - Λένορμαν 114 - Μεθώνης 21 - Καλλιδρομίου 76 - Σόλωνος 84 - Αχαρνών 212 - Αριστοτέλους 25 - Πατησίων 169 - Ηπείρου 55 - Θεμιστοκλέους 40. ΠΕΡΙΧΩΡΑ: Κηφισιά - Αγ. Παρασκευή - Χαλάνδρι - Ν. Ψυχικό - Φιλοθέη - Μαρούσι - Ν. Σμύρνη - Καλλιθέα - Π. Φάληρο - Γλυφάδα - Βούλα - Νίκαια - Κορυδαλλός - Αιγάλεω.
ΚΥΡΙΑΚΗΣ ΠΑΣΧΑ
ΑΘΗΝΑΙ: Πατησίων 112 - Αχαρνών 64 - Λεωφ. Αλεξάνδρας 44 - Ιπποκράτους 18 - Σόλωνος 71 - Σταδίου 28 - Πανεπιστημίου 39. ΠΕΡΙΧΩΡΑ: Χαλάνδρι - Κηφισιά - Γλυφάδα - Καλλιθέα.
Κομνένου 4 Αμπελόκηποι - Δημοσθένους 12 Καλλιθέα - Πατησίων 145 - Λεωφ. Αλεξάνδρας 81 - Ηπείρου 12 - Αγ. Γεωργίου 24 - Θεσσαλονίκης 45 - Πειραιώς 112 - Τατοΐου 5. ΠΕΙΡΑΙΑΣ: Γρ. Λαμπράκη 32 - Καραΐσκου 78 - Ηρώων Πολυτεχνείου 44 - Βασ. Παύλου 12.
ΝΥΧΤΑΣ
ΑΘΗΝΑΙ: Ιπποκράτους 120 - Αχαρνών 198 - Τριών Ιεραρχών 48 - Πατησίων 219 - Ευελπίδων 33 - Σπύρου Μερκούρη 22 - Δεληγιώργη 11. ΠΕΡΙΧΩΡΑ: Αγ. Παρασκευή - Χολαργός - Μαρούσι - Ηλιούπολη - Περιστέρι - Αιγάλεω. ΠΕΙΡΑΙΑΣ: Μπουμπουλίνας 32 - Κολοκοτρώνη 78.
ΔΕΥΤΕΡΑΣ
ΑΘΗΝΑΙ: Αριστοτέλους 110 - Δεκελείας 54 - Σεβαστουπόλεως 14 - Ευελπίδων 37 - Αγ. Σοφίας 102 - Μάρνης 22. ΠΕΡΙΧΩΡΑ: Περιστέρι - Αιγάλεω - Ν. Ιωνία. ΠΕΙΡΑΙΑΣ: Ηρώων 5 - Κουντουριώτου 178.
ΤΡΙΤΗΣ
ΑΘΗΝΑΙ: Αριστοτέλους 110 - Λένορμαν 82 - Βασ. Σοφίας 44 - Τρ. Μηλιαράκη 17 - Πατησίων 301 - Αχαρνών 159. ΠΕΡΙΧΩΡΑ: Μαρούσι - Ηλιούπολη - Νίκαια. ΠΕΙΡΑΙΑΣ: Ζωσιμάδων 12 - Αγ. Κωνσταντίνου 48.
ΔΡΟΜ. ΠΛΟΙΩΝ
ΝΗΡΕΥΣ 8 π.μ. Μήλο, Φολέγανδρο, Θήρα, Άνάφη, Αγ. Νικόλαο, Σητεία, Κάσο, Κάρπαθο, Σύμη, Ρόδο. ΙΟΝΙΟ 8 π.μ. για Ηράκλειο. ΝΑΞΟΣ 8 π.μ. για Σύρο, Τήνο, Μύκονο. ΣΑΝΤΟΡΙΝΗ 8.30 π.μ. για Σύρο, Πάρο, Νάξο, Ίο, Θήρα. ΠΑΡΟΣ 12 μ. για Σύρο, Πάρο, Νάξο. ΑΓ. ΣΑΝΤΑ 7.30 μ.μ. για Ηράκλειο. ΚΝΩΣΟΣ 6.30 μ.μ. για Ηράκλειο. ΚΥΔΩΝ 7 μ.μ. για Χανιά.
ΚΑΙΡΟΣ
Για σήμερα Μ. Σάββατο και ώρα Κυριακή του Πάσχα ο καιρός θα είναι καλός με βαθμιαία αύξηση των νεφώσεων, κυρίως στα ηπειρωτικά και τη δυτική Ελλάδα. Ασθενείς βροχές δεν αποκλείονται. Άνεμοι βόρειοι ασθενείς ως μέτριοι. Θερμοκρασία σε μικρή άνοδο. Στην Αθήνα ο καιρός θα είναι καλός με λίγες νεφώσεις και θερμοκρασία από 14-25 βαθμούς Κελσίου.
ΕΛΛΗΝΙΚΗ ΔΗΜΟΚΡΑΤΙΑ ΝΟΜΑΡΧΙΑ ΑΧΑΪΑΣ
ΑΡ. ΠΡΩΤ. 014.11.2011
ΠΕΡΙΛΗΨΗ ΔΙΑΚΗΡΥΞΕΩΣ
Ο Δήμαρχος Τούμπας προκηρύσσει μειοδοτικό διαγωνισμό για την κατασκευή του έργου «Ανάπλαση οδών του Δήμου» προϋπολογισμού 10.000.000 δρχ. Ο διαγωνισμός θα γίνει σύμφωνα με τις διατάξεις του Ν. 1418/84 και του Π.Δ. 609/85. Δεκτοί στο διαγωνισμό είναι εργοληπτικές επιχειρήσεις εγγεγραμμένες στο Μ.Ε.Ε.Π. Πληροφορίες παρέχονται από την Τεχνική Υπηρεσία του Δήμου τις εργάσιμες ημέρες και ώρες.
ΕΛΛΗΝΙΚΗ ΔΗΜΟΚΡΑΤΙΑ ΝΟΜΑΡΧΙΑ ΑΤΤΙΚΗΣ ΔΗΜΟΣ ΚΟΡΥΔΑΛΛΟΥ
Αρ. πρωτ. 241
ΠΕΡΙΛΗΨΗ ΔΙΑΚΗΡΥΞΕΩΣ
Ο Πρόεδρος του Κοινοτικού Συμβουλίου προκηρύσσει μειοδοτικό διαγωνισμό για την ανάθεση του έργου «Αγωγός ομβρίων υδάτων», προϋπολογισμού 1.800.000 δρχ. Η δημοπρασία θα γίνει στα γραφεία της Κοινότητας κατά τις ώρες 10-12 π.μ.
Ο δαγωνισμός θα γίνει στις 24 του μηνός Μαΐου 1983 ημέρα Τρίτη, ώρα 11-12 μ.μ. στα Γραφεία της ΤΥΔΚ Νομαρχίας Ιωαννίνων. Δεκτοί στο διαγωνισμό είναι οι εργολήπτες κατηγορίας Α' και Β' τάξεως. Η εγγύηση συμμετοχής ορίζεται στο 2% του προϋπολογισμού.
ΕΛΛΗΝΙΚΗ ΔΗΜΟΚΡΑΤΙΑ ΔΗΜΟΣ ΝΕΑΣ ΙΩΝΙΑΣ ΑΤΤΙΚΗΣ
Αρ. πρωτ. 1578
ΠΕΡΙΛΗΠΤΙΚΗ ΔΙΑΚΗΡΥΞΗ
Ο Δήμαρχος Νέας Ιωνίας προκηρύσσει δημόσιο πλειοδοτικό διαγωνισμό για την εκμίσθωση καταστημάτων της δημοτικής αγοράς. Ο διαγωνισμός θα διενεργηθεί στο Δημαρχείο. Πληροφορίες στο γραφείο Δημοτικής Περιουσίας. 1. ΚΑΤΑΣΚΕΥΗ ΑΓΩΓΩΝ ΑΚΑΘΑΡΤΩΝ ΥΔΑΤΩΝ ΟΙΚΙΣΜΟΥ ΚΑΝΤΑΝΟΥ. 2. ΚΑΤΑΣΚΕΥΗ ΑΓΩΓΩΝ ΑΚΑΘΑΡΤΩΝ ΥΔΑΤΩΝ ΔΗΜΟΥ ΜΑΡΑΘΩΝΑ. 3. ΚΑΤΑΣΚΕΥΗ ΑΓΩΓΩΝ ΑΚΑΘΑΡΤΩΝ ΥΔΑΤΩΝ ΟΙΚΙΣΜΟΥ ΠΕΡΙΣΣΟΥ. 4. ΚΑΤΑΣΚΕΥΗ ΑΓΩΓΩΝ ΑΚΑΘΑΡΤΩΝ ΥΔΑΤΩΝ ΔΗΜΟΥ ΠΕΤΡΟΥΠΟΛΗΣ. 5. ΚΑΤΑΣΚΕΥΗ ΑΓΩΓΩΝ ΑΚΑΘΑΡΤΩΝ ΥΔΑΤΩΝ ΚΟΙΝΟΤΗΤΑΣ ΙΩΝΙΑΣ ΕΛΕΥΘΕΡΟΥΠΟΛΗΣ. 6. ΚΑΤΑΣΚΕΥΗ ΑΓΩΓΩΝ ΑΚΑΘΑΡΤΩΝ ΥΔΑΤΩΝ ΔΗΜΟΥ ΝΕΑΠΟΛΗΣ.
ΝΤΙΝΑ ΑΓΡΟΚΩΣΤΑ - ΤΣΙΟΚΟΥ
«ΡΙΖΟΣΠΑΣΤΗΣ»
ΟΡΓΑΝΟ ΤΗΣ ΚΕ ΤΟΥ ΚΚΕ
Ιδιοκτησία: «ΤΥΠΟΕΚΔΟΤΙΚΗ Α.Ε.» Διευθυντής: Γρηγόρης Φαράκος. Γραφεία: Λεωφ. Ηρακλείου 145, Ν. Ηράκλειο. Τηλ. 28.46.011 - 28.46.015. Διευθυντής σύνταξης: Κώστας Κάππος. ΣΥΝΔΡΟΜΕΣ: Ετήσια δρχ. 7.000, Εξάμηνη δρχ. 3.600, Τρίμηνη δρχ. 1.800. Εξωτερικού: Ευρώπη δρχ. 12.000, Αμερική δρχ. 15.000. Υπεύθυνος τυπογραφείου: Ρήγας Παπαδόπουλος.
6. ΚΑΤΑΣΚΕΥΗ ΑΓΩΓΩΝ ΑΚΑΘΑΡΤΩΝ ΥΔΑΤΩΝ ΠΕΡΙΣΣΟΥ προϋπολογισμού δαπάνης 7.000.000 δρχ. Ο διαγωνισμός θα γίνει με το σύστημα των προσφορών με επί μέρους ποσοστά έκπτωσης (άρθρο 24 Π.Δ. 609/85). Δικαίωμα συμμετοχής στο διαγωνισμό έχουν εργοληπτικές επιχειρήσεις εγγεγραμμένες στο Μ.Ε.Κ. κατηγορίας έργων Υδραυλικά και τάξεως Α' και άνω. Η δημοπρασία θα γίνει την ΤΕΤΑΡΤΗ και ώρα 11 π.μ. Οι ενδιαφερόμενοι μπορούν να πάρουν τα τεύχη δημοπράτησης από τα γραφεία της ΤΥΔΚ.
